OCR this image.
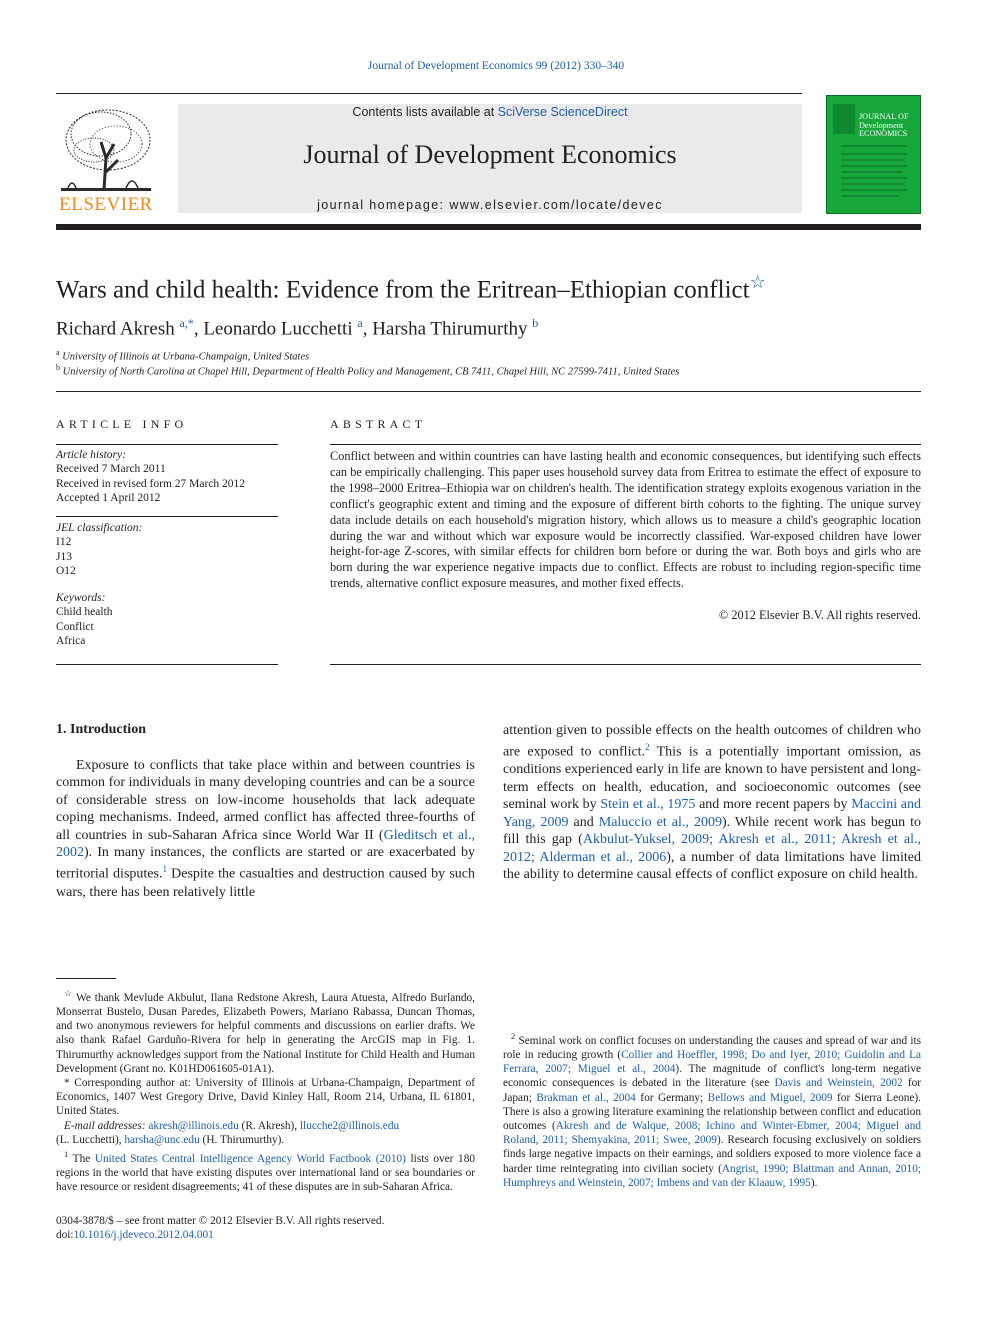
Journal of Development Economics 99 (2012) 330–340
Contents lists available at SciVerse ScienceDirect
Journal of Development Economics
journal homepage: www.elsevier.com/locate/devec
ELSEVIER
JOURNAL OF Development ECONOMICS
Wars and child health: Evidence from the Eritrean–Ethiopian conflict☆
Richard Akresh $^{a,*}$, Leonardo Lucchetti $^a$, Harsha Thirumurthy $^b$
$^a$ University of Illinois at Urbana-Champaign, United States
$^b$ University of North Carolina at Chapel Hill, Department of Health Policy and Management, CB 7411, Chapel Hill, NC 27599-7411, United States
ARTICLE INFO
Article history:
Received 7 March 2011
Received in revised form 27 March 2012
Accepted 1 April 2012
JEL classification:
I12
J13
O12
Keywords:
Child health
Conflict
Africa
ABSTRACT
Conflict between and within countries can have lasting health and economic consequences, but identifying such effects can be empirically challenging. This paper uses household survey data from Eritrea to estimate the effect of exposure to the 1998–2000 Eritrea–Ethiopia war on children's health. The identification strategy exploits exogenous variation in the conflict's geographic extent and timing and the exposure of different birth cohorts to the fighting. The unique survey data include details on each household's migration history, which allows us to measure a child's geographic location during the war and without which war exposure would be incorrectly classified. War-exposed children have lower height-for-age Z-scores, with similar effects for children born before or during the war. Both boys and girls who are born during the war experience negative impacts due to conflict. Effects are robust to including region-specific time trends, alternative conflict exposure measures, and mother fixed effects.
© 2012 Elsevier B.V. All rights reserved.
1. Introduction

Exposure to conflicts that take place within and between countries is common for individuals in many developing countries and can be a source of considerable stress on low-income households that lack adequate coping mechanisms. Indeed, armed conflict has affected three-fourths of all countries in sub-Saharan Africa since World War II (Gleditsch et al., 2002). In many instances, the conflicts are started or are exacerbated by territorial disputes.$^1$ Despite the casualties and destruction caused by such wars, there has been relatively little

attention given to possible effects on the health outcomes of children who are exposed to conflict.$^2$ This is a potentially important omission, as conditions experienced early in life are known to have persistent and long-term effects on health, education, and socioeconomic outcomes (see seminal work by Stein et al., 1975 and more recent papers by Maccini and Yang, 2009 and Maluccio et al., 2009). While recent work has begun to fill this gap (Akbulut-Yuksel, 2009; Akresh et al., 2011; Akresh et al., 2012; Alderman et al., 2006), a number of data limitations have limited the ability to determine causal effects of conflict exposure on child health.

☆ We thank Mevlude Akbulut, Ilana Redstone Akresh, Laura Atuesta, Alfredo Burlando, Monserrat Bustelo, Dusan Paredes, Elizabeth Powers, Mariano Rabassa, Duncan Thomas, and two anonymous reviewers for helpful comments and discussions on earlier drafts. We also thank Rafael Garduño-Rivera for help in generating the ArcGIS map in Fig. 1. Thirumurthy acknowledges support from the National Institute for Child Health and Human Development (Grant no. K01HD061605-01A1).

* Corresponding author at: University of Illinois at Urbana-Champaign, Department of Economics, 1407 West Gregory Drive, David Kinley Hall, Room 214, Urbana, IL 61801, United States.

E-mail addresses: akresh@illinois.edu (R. Akresh), llucche2@illinois.edu
(L. Lucchetti), harsha@unc.edu (H. Thirumurthy).

$^1$ The United States Central Intelligence Agency World Factbook (2010) lists over 180 regions in the world that have existing disputes over international land or sea boundaries or have resource or resident disagreements; 41 of these disputes are in sub-Saharan Africa.

$^2$ Seminal work on conflict focuses on understanding the causes and spread of war and its role in reducing growth (Collier and Hoeffler, 1998; Do and Iyer, 2010; Guidolin and La Ferrara, 2007; Miguel et al., 2004). The magnitude of conflict's long-term negative economic consequences is debated in the literature (see Davis and Weinstein, 2002 for Japan; Brakman et al., 2004 for Germany; Bellows and Miguel, 2009 for Sierra Leone). There is also a growing literature examining the relationship between conflict and education outcomes (Akresh and de Walque, 2008; Ichino and Winter-Ebmer, 2004; Miguel and Roland, 2011; Shemyakina, 2011; Swee, 2009). Research focusing exclusively on soldiers finds large negative impacts on their earnings, and soldiers exposed to more violence face a harder time reintegrating into civilian society (Angrist, 1990; Blattman and Annan, 2010; Humphreys and Weinstein, 2007; Imbens and van der Klaauw, 1995).

0304-3878/$ – see front matter © 2012 Elsevier B.V. All rights reserved.
doi:10.1016/j.jdeveco.2012.04.001
